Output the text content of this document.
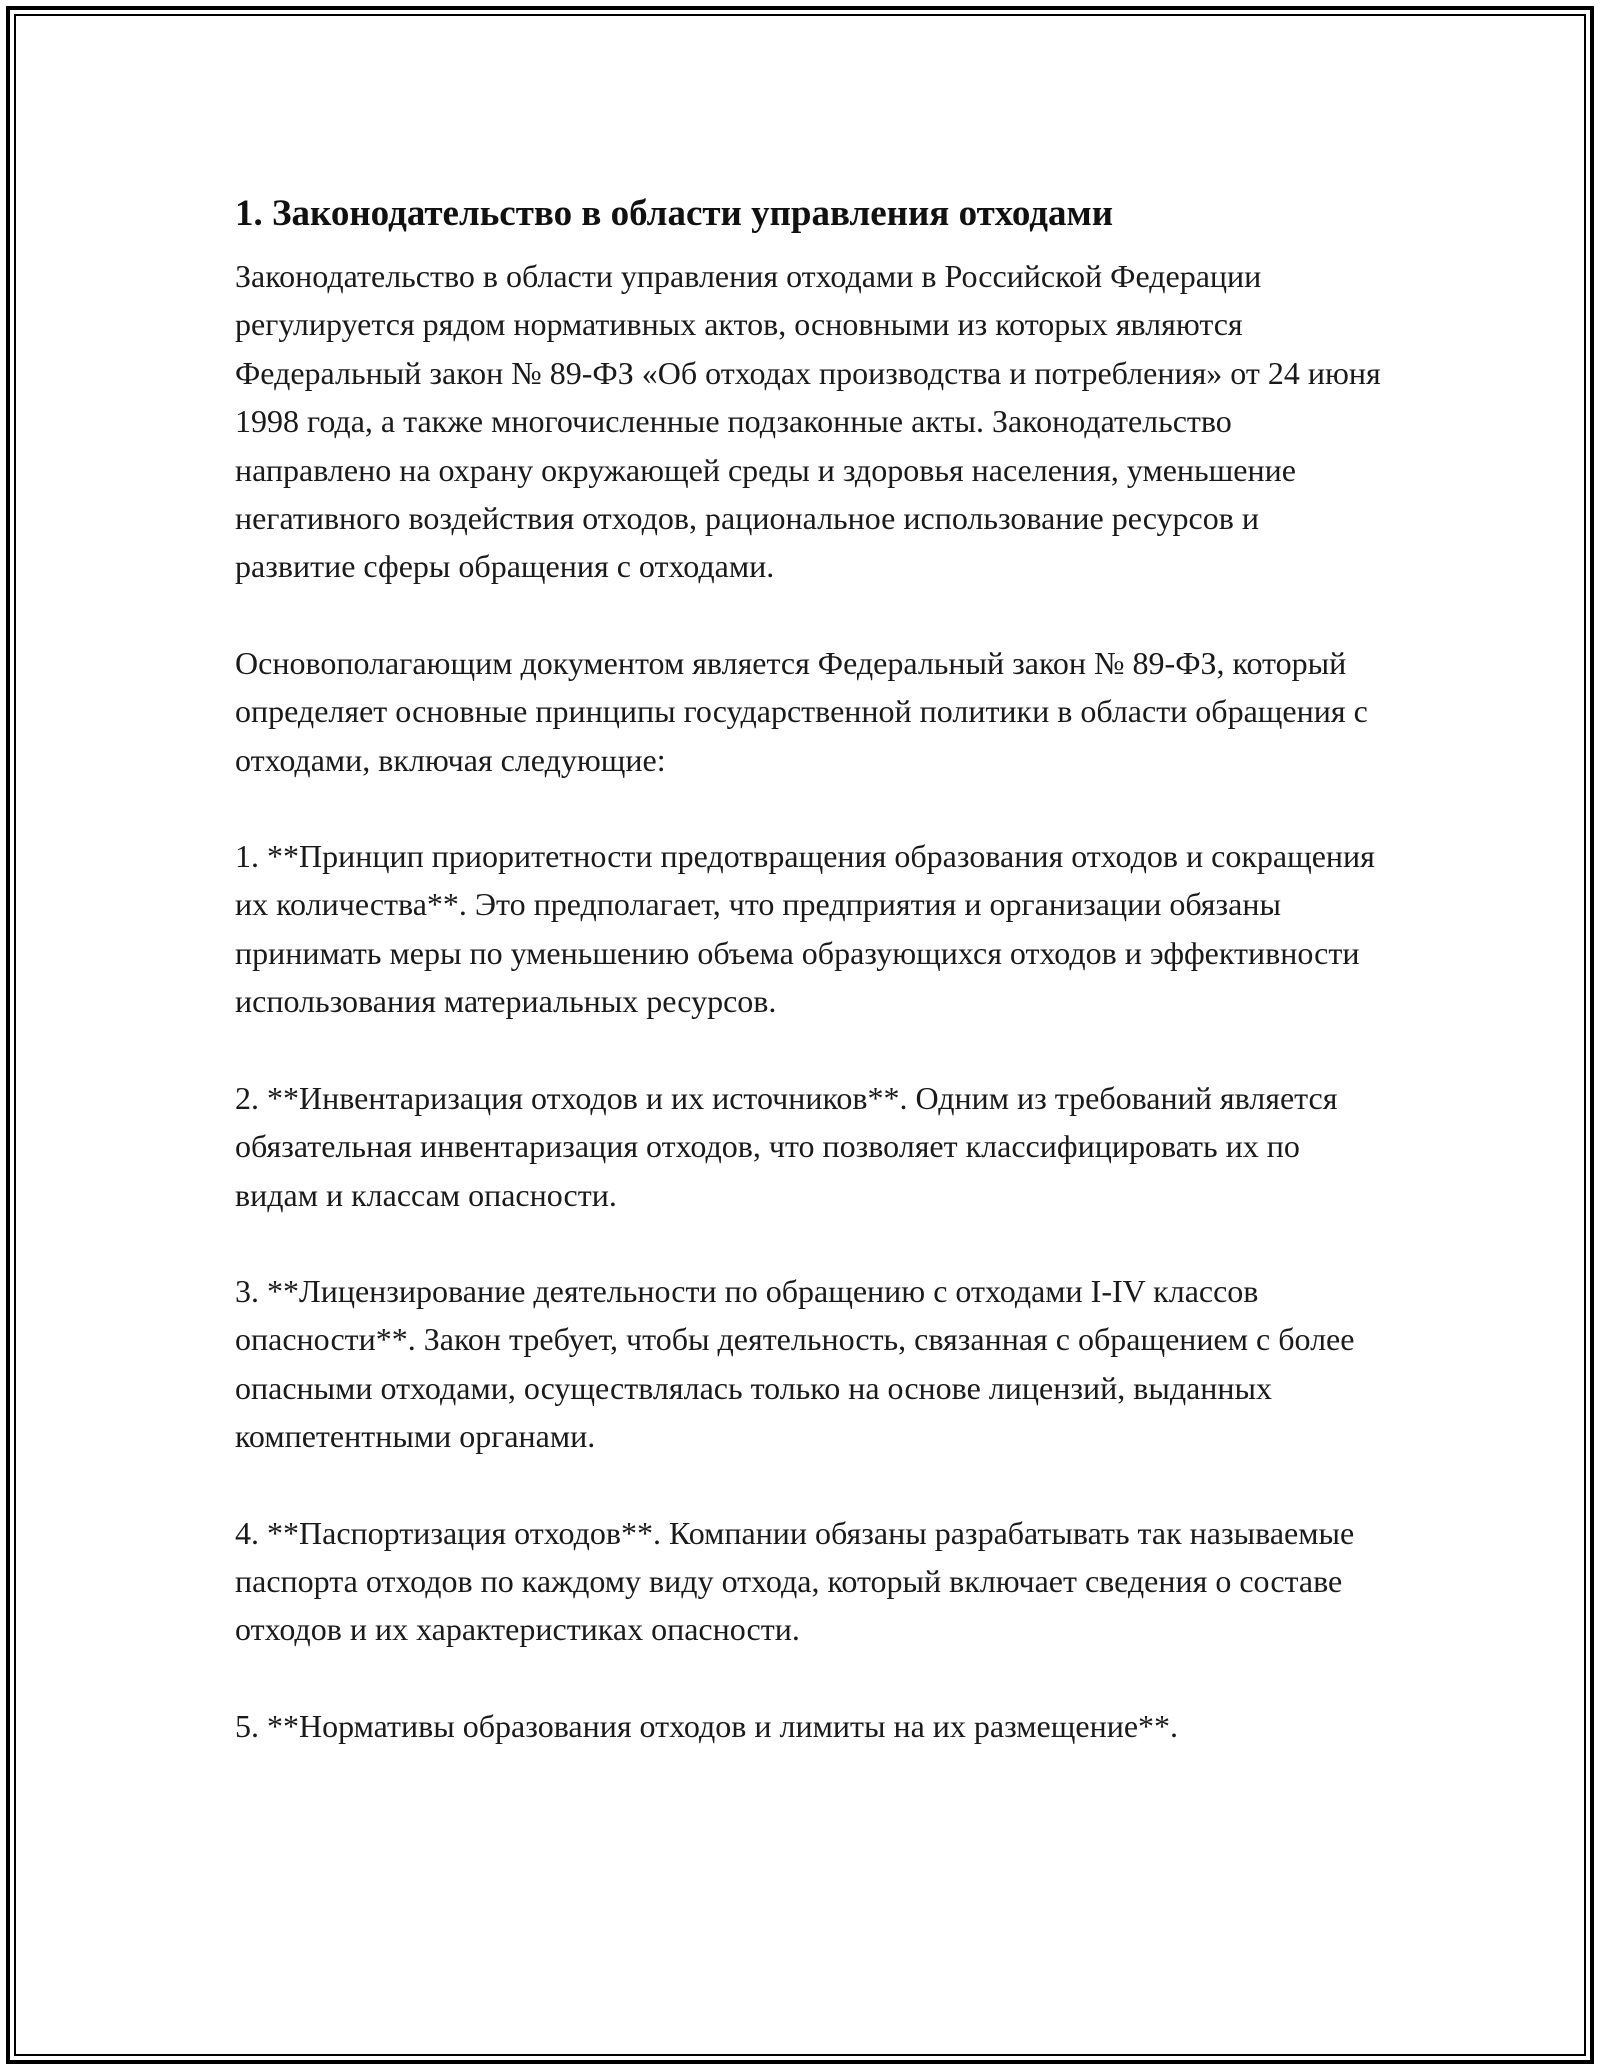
1. Законодательство в области управления отходами

Законодательство в области управления отходами в Российской Федерации регулируется рядом нормативных актов, основными из которых являются Федеральный закон № 89-ФЗ «Об отходах производства и потребления» от 24 июня 1998 года, а также многочисленные подзаконные акты. Законодательство направлено на охрану окружающей среды и здоровья населения, уменьшение негативного воздействия отходов, рациональное использование ресурсов и развитие сферы обращения с отходами.

Основополагающим документом является Федеральный закон № 89-ФЗ, который определяет основные принципы государственной политики в области обращения с отходами, включая следующие:

1. **Принцип приоритетности предотвращения образования отходов и сокращения их количества**. Это предполагает, что предприятия и организации обязаны принимать меры по уменьшению объема образующихся отходов и эффективности использования материальных ресурсов.

2. **Инвентаризация отходов и их источников**. Одним из требований является обязательная инвентаризация отходов, что позволяет классифицировать их по видам и классам опасности.

3. **Лицензирование деятельности по обращению с отходами I-IV классов опасности**. Закон требует, чтобы деятельность, связанная с обращением с более опасными отходами, осуществлялась только на основе лицензий, выданных компетентными органами.

4. **Паспортизация отходов**. Компании обязаны разрабатывать так называемые паспорта отходов по каждому виду отхода, который включает сведения о составе отходов и их характеристиках опасности.

5. **Нормативы образования отходов и лимиты на их размещение**.
